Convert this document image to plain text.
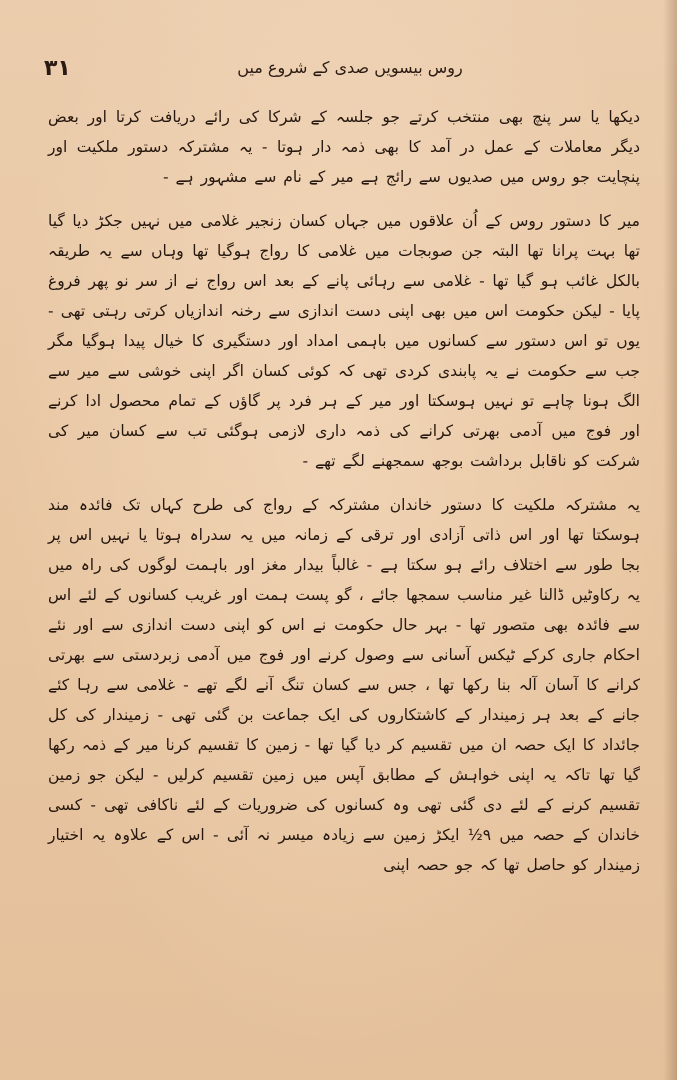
۳۱	روس بیسویں صدی کے شروع میں

دیکھا یا سر پنچ بھی منتخب کرتے جو جلسہ کے شرکا کی رائے دریافت کرتا اور بعض دیگر معاملات کے عمل در آمد کا بھی ذمہ دار ہوتا - یہ مشترکہ دستور ملکیت اور پنچایت جو روس میں صدیوں سے رائج ہے میر کے نام سے مشہور ہے -

میر کا دستور روس کے اُن علاقوں میں جہاں کسان زنجیر غلامی میں نہیں جکڑ دیا گیا تھا بہت پرانا تھا البتہ جن صوبجات میں غلامی کا رواج ہوگیا تھا وہاں سے یہ طریقہ بالکل غائب ہو گیا تھا - غلامی سے رہائی پانے کے بعد اس رواج نے از سر نو پھر فروغ پایا - لیکن حکومت اس میں بھی اپنی دست اندازی سے رخنہ اندازیاں کرتی رہتی تھی - یوں تو اس دستور سے کسانوں میں باہمی امداد اور دستگیری کا خیال پیدا ہوگیا مگر جب سے حکومت نے یہ پابندی کردی تھی کہ کوئی کسان اگر اپنی خوشی سے میر سے الگ ہونا چاہے تو نہیں ہوسکتا اور میر کے ہر فرد پر گاؤں کے تمام محصول ادا کرنے اور فوج میں آدمی بھرتی کرانے کی ذمہ داری لازمی ہوگئی تب سے کسان میر کی شرکت کو ناقابل برداشت بوجھ سمجھنے لگے تھے -

یہ مشترکہ ملکیت کا دستور خاندان مشترکہ کے رواج کی طرح کہاں تک فائدہ مند ہوسکتا تھا اور اس ذاتی آزادی اور ترقی کے زمانہ میں یہ سدراہ ہوتا یا نہیں اس پر بجا طور سے اختلاف رائے ہو سکتا ہے - غالباً بیدار مغز اور باہمت لوگوں کی راہ میں یہ رکاوٹیں ڈالنا غیر مناسب سمجھا جائے ، گو پست ہمت اور غریب کسانوں کے لئے اس سے فائدہ بھی متصور تھا - بہر حال حکومت نے اس کو اپنی دست اندازی سے اور نئے احکام جاری کرکے ٹیکس آسانی سے وصول کرنے اور فوج میں آدمی زبردستی سے بھرتی کرانے کا آسان آلہ بنا رکھا تھا ، جس سے کسان تنگ آنے لگے تھے - غلامی سے رہا کئے جانے کے بعد ہر زمیندار کے کاشتکاروں کی ایک جماعت بن گئی تھی - زمیندار کی کل جائداد کا ایک حصہ ان میں تقسیم کر دیا گیا تھا - زمین کا تقسیم کرنا میر کے ذمہ رکھا گیا تھا تاکہ یہ اپنی خواہش کے مطابق آپس میں زمین تقسیم کرلیں - لیکن جو زمین تقسیم کرنے کے لئے دی گئی تھی وہ کسانوں کی ضروریات کے لئے ناکافی تھی - کسی خاندان کے حصہ میں ۹½ ایکڑ زمین سے زیادہ میسر نہ آئی - اس کے علاوہ یہ اختیار زمیندار کو حاصل تھا کہ جو حصہ اپنی
